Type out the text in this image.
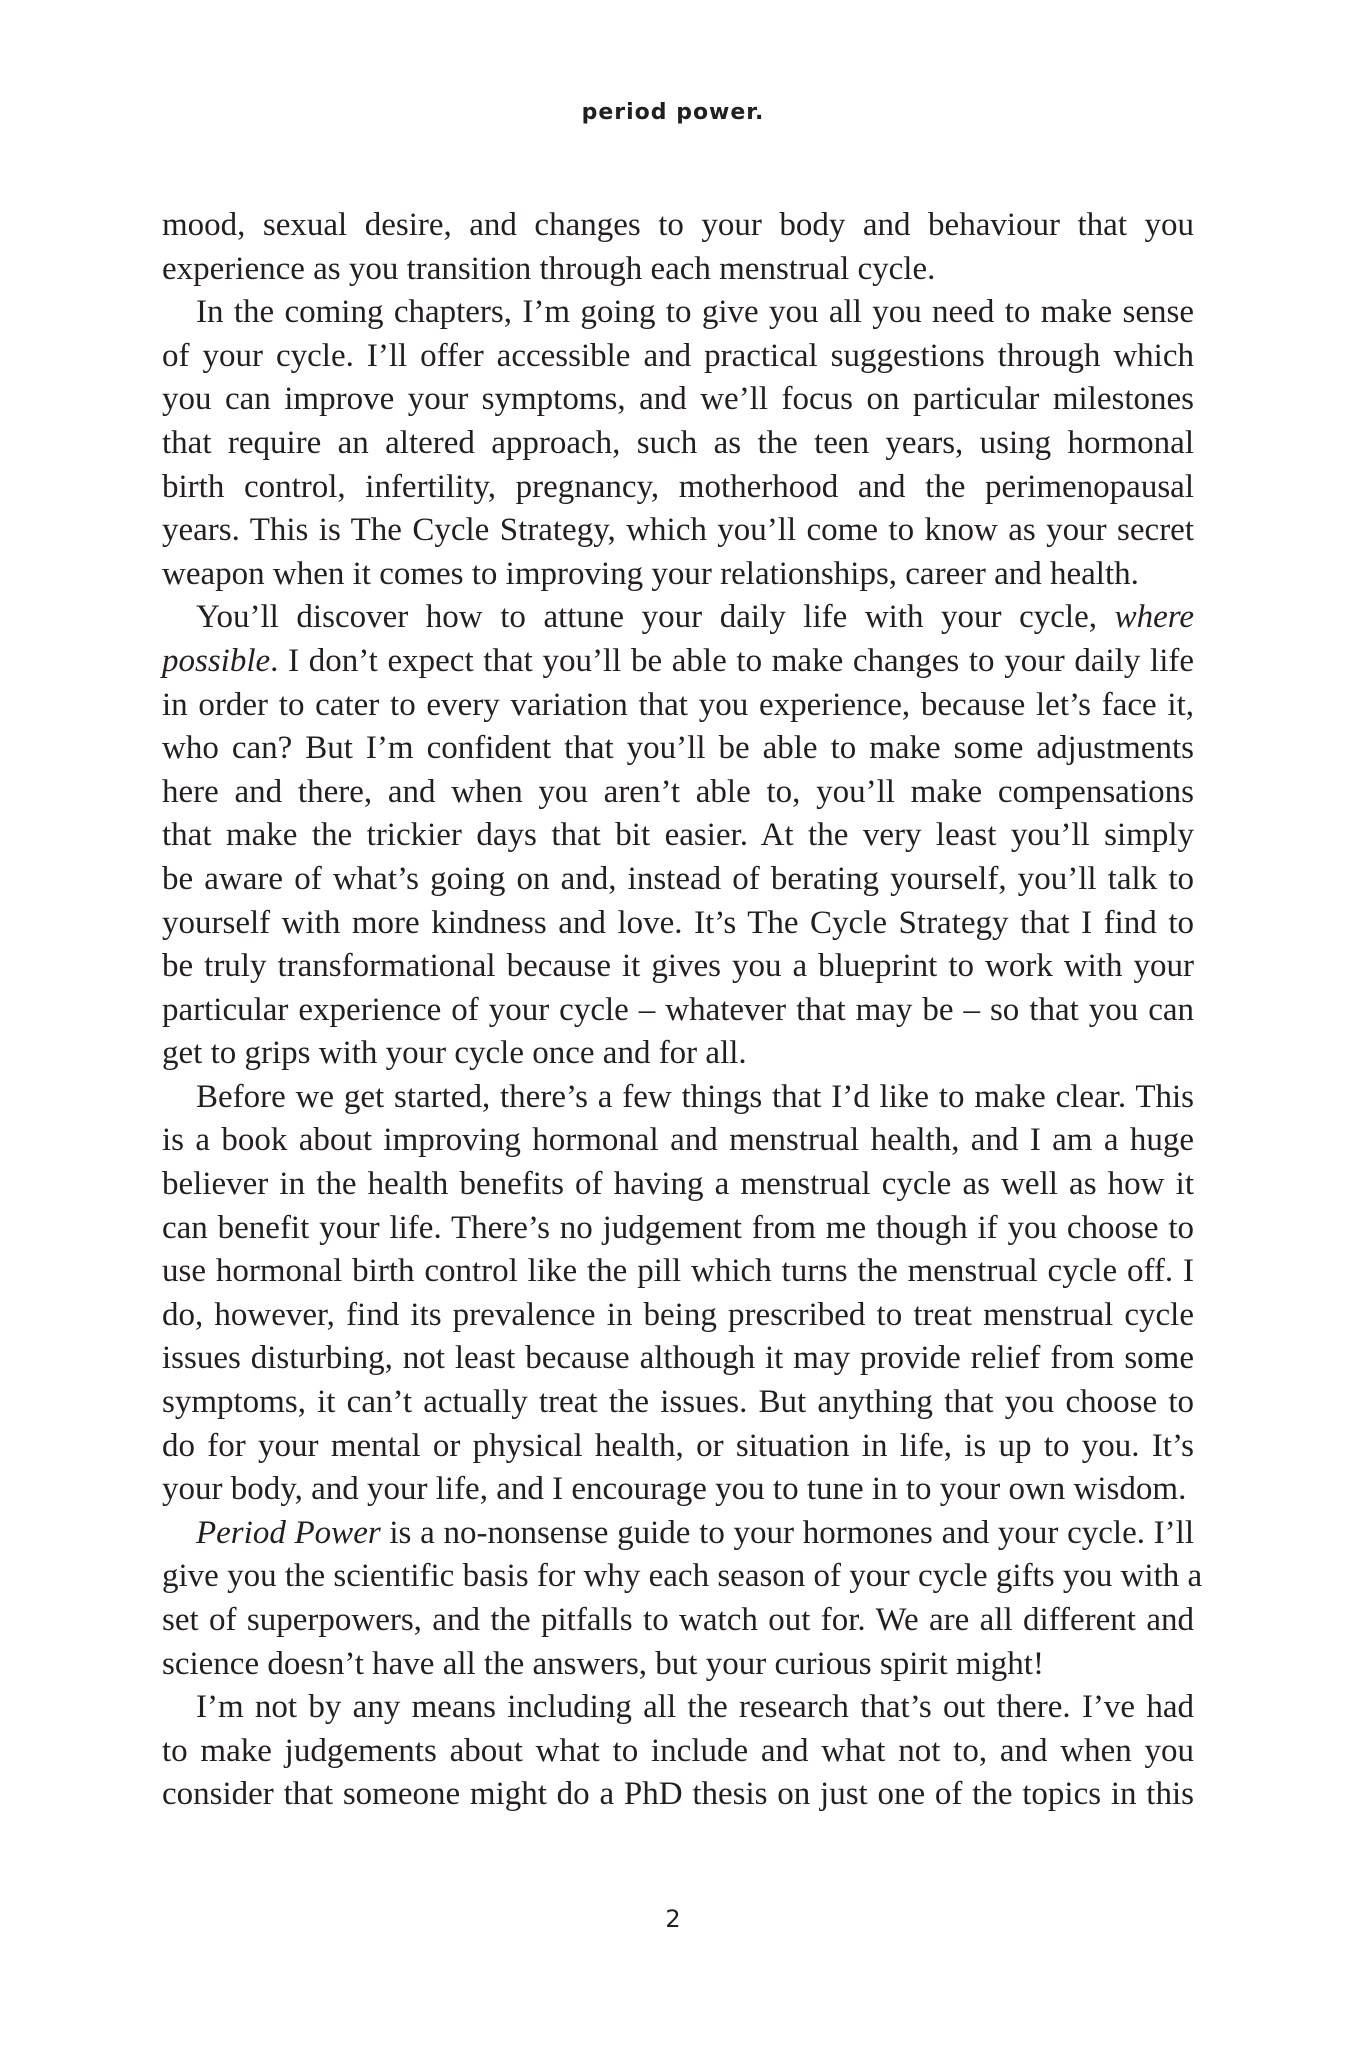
period power.
mood, sexual desire, and changes to your body and behaviour that you
experience as you transition through each menstrual cycle.
In the coming chapters, I’m going to give you all you need to make sense
of your cycle. I’ll offer accessible and practical suggestions through which
you can improve your symptoms, and we’ll focus on particular milestones
that require an altered approach, such as the teen years, using hormonal
birth control, infertility, pregnancy, motherhood and the perimenopausal
years. This is The Cycle Strategy, which you’ll come to know as your secret
weapon when it comes to improving your relationships, career and health.
You’ll discover how to attune your daily life with your cycle, where
possible. I don’t expect that you’ll be able to make changes to your daily life
in order to cater to every variation that you experience, because let’s face it,
who can? But I’m confident that you’ll be able to make some adjustments
here and there, and when you aren’t able to, you’ll make compensations
that make the trickier days that bit easier. At the very least you’ll simply
be aware of what’s going on and, instead of berating yourself, you’ll talk to
yourself with more kindness and love. It’s The Cycle Strategy that I find to
be truly transformational because it gives you a blueprint to work with your
particular experience of your cycle – whatever that may be – so that you can
get to grips with your cycle once and for all.
Before we get started, there’s a few things that I’d like to make clear. This
is a book about improving hormonal and menstrual health, and I am a huge
believer in the health benefits of having a menstrual cycle as well as how it
can benefit your life. There’s no judgement from me though if you choose to
use hormonal birth control like the pill which turns the menstrual cycle off. I
do, however, find its prevalence in being prescribed to treat menstrual cycle
issues disturbing, not least because although it may provide relief from some
symptoms, it can’t actually treat the issues. But anything that you choose to
do for your mental or physical health, or situation in life, is up to you. It’s
your body, and your life, and I encourage you to tune in to your own wisdom.
Period Power is a no-nonsense guide to your hormones and your cycle. I’ll
give you the scientific basis for why each season of your cycle gifts you with a
set of superpowers, and the pitfalls to watch out for. We are all different and
science doesn’t have all the answers, but your curious spirit might!
I’m not by any means including all the research that’s out there. I’ve had
to make judgements about what to include and what not to, and when you
consider that someone might do a PhD thesis on just one of the topics in this
2
